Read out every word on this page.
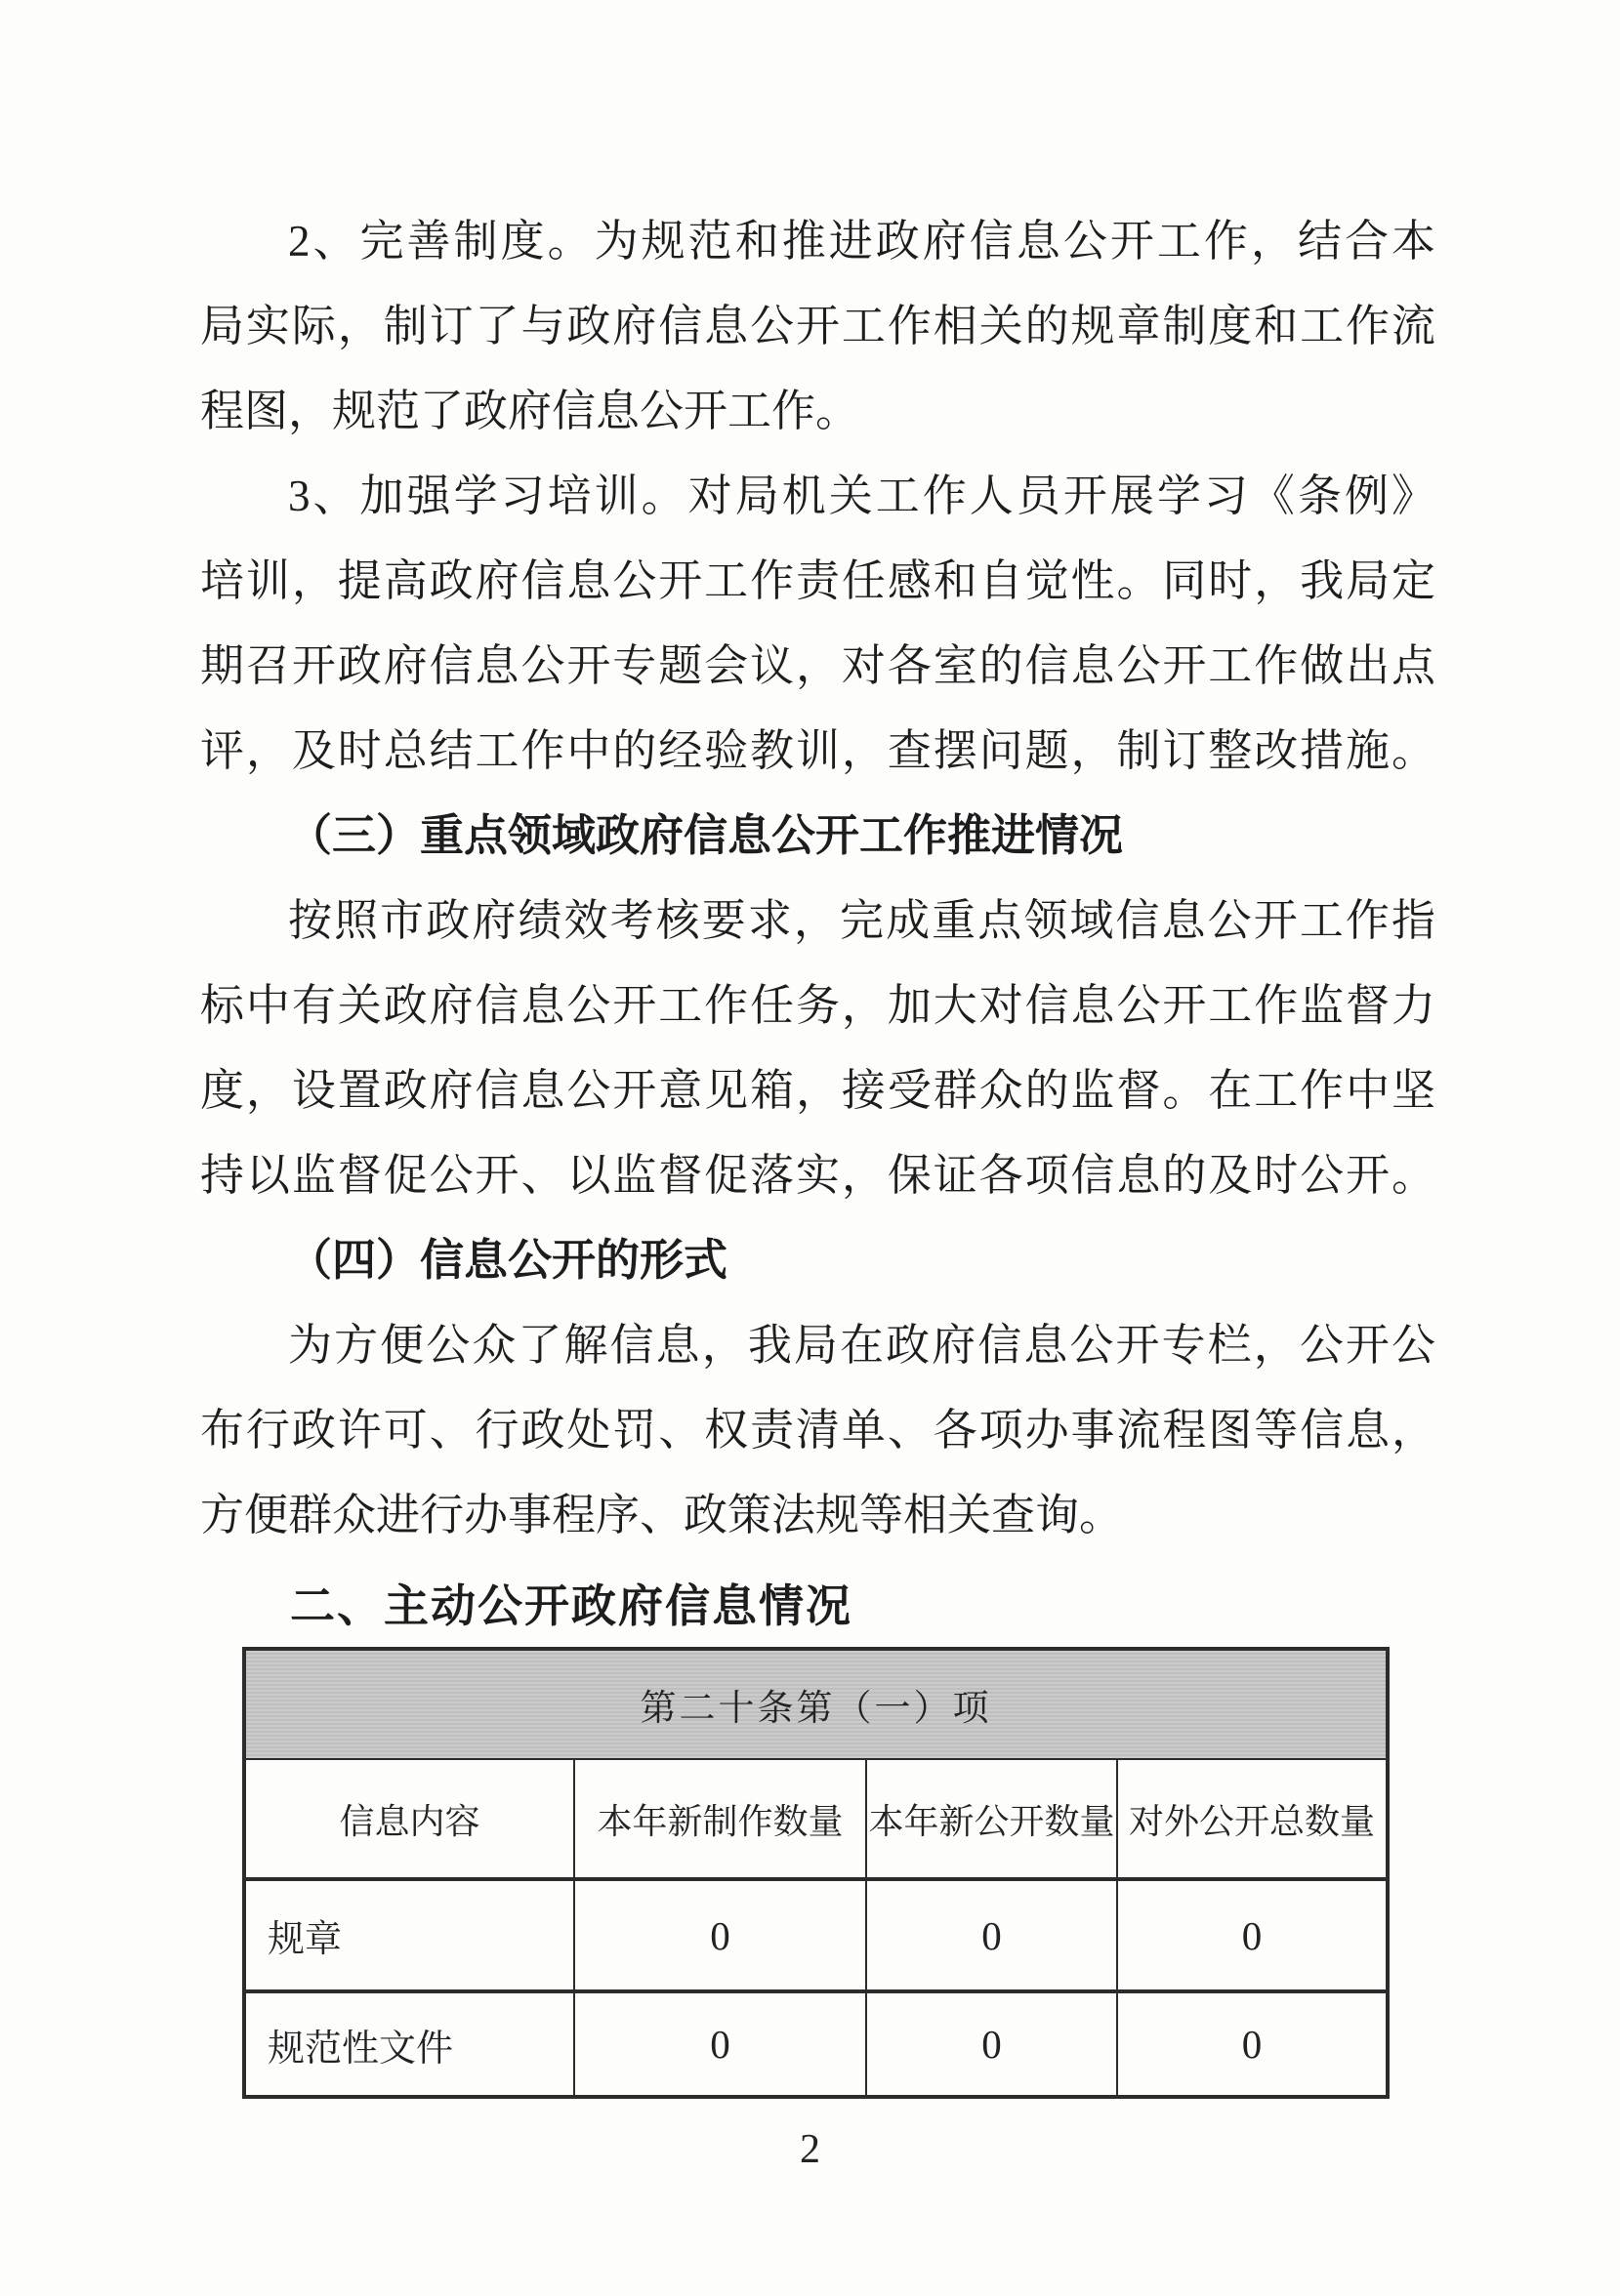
2、完善制度。为规范和推进政府信息公开工作，结合本
局实际，制订了与政府信息公开工作相关的规章制度和工作流
程图，规范了政府信息公开工作。
3、加强学习培训。对局机关工作人员开展学习《条例》
培训，提高政府信息公开工作责任感和自觉性。同时，我局定
期召开政府信息公开专题会议，对各室的信息公开工作做出点
评，及时总结工作中的经验教训，查摆问题，制订整改措施。
（三）重点领域政府信息公开工作推进情况
按照市政府绩效考核要求，完成重点领域信息公开工作指
标中有关政府信息公开工作任务，加大对信息公开工作监督力
度，设置政府信息公开意见箱，接受群众的监督。在工作中坚
持以监督促公开、以监督促落实，保证各项信息的及时公开。
（四）信息公开的形式
为方便公众了解信息，我局在政府信息公开专栏，公开公
布行政许可、行政处罚、权责清单、各项办事流程图等信息，
方便群众进行办事程序、政策法规等相关查询。
二、主动公开政府信息情况
第二十条第（一）项			
信息内容	本年新制作数量	本年新公开数量	对外公开总数量
规章	0	0	0
规范性文件	0	0	0
2
